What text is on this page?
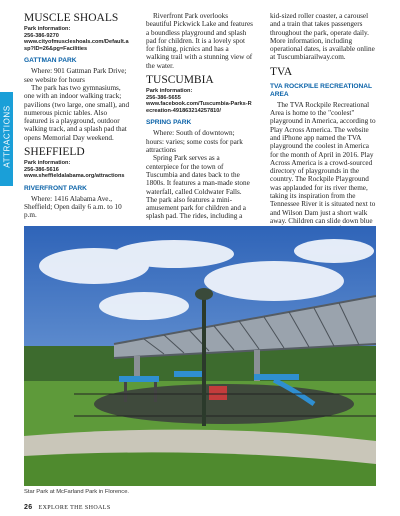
ATTRACTIONS
MUSCLE SHOALS
Park information:
256-386-9270
www.cityofmuscleshoals.com/Default.asp?ID=26&pg=Facilities
GATTMAN PARK

Where: 901 Gattman Park Drive; see website for hours

The park has two gymnasiums, one with an indoor walking track; pavilions (two large, one small), and numerous picnic tables. Also featured is a playground, outdoor walking track, and a splash pad that opens Memorial Day weekend.

SHEFFIELD
Park information:
256-386-5616
www.sheffieldalabama.org/attractions
RIVERFRONT PARK

Where: 1416 Alabama Ave., Sheffield; Open daily 6 a.m. to 10 p.m.

Riverfront Park overlooks beautiful Pickwick Lake and features a boundless playground and splash pad for children. It is a lovely spot for fishing, picnics and has a walking trail with a stunning view of the water.

TUSCUMBIA
Park information:
256-386-5655
www.facebook.com/Tuscumbia-Parks-Recreation-491863214257810/
SPRING PARK

Where: South of downtown; hours: varies; some costs for park attractions

Spring Park serves as a centerpiece for the town of Tuscumbia and dates back to the 1800s. It features a man-made stone waterfall, called Coldwater Falls. The park also features a mini-amusement park for children and a splash pad. The rides, including a

kid-sized roller coaster, a carousel and a train that takes passengers throughout the park, operate daily. More information, including operational dates, is available online at Tuscumbiarailway.com.

TVA
TVA ROCKPILE RECREATIONAL AREA

The TVA Rockpile Recreational Area is home to the "coolest" playground in America, according to Play Across America. The website and iPhone app named the TVA playground the coolest in America for the month of April in 2016. Play Across America is a crowd-sourced directory of playgrounds in the country. The Rockpile Playground was applauded for its river theme, taking its inspiration from the Tennessee River it is situated next to and Wilson Dam just a short walk away. Children can slide down blue

Star Park at McFarland Park in Florence.
26 EXPLORE THE SHOALS
